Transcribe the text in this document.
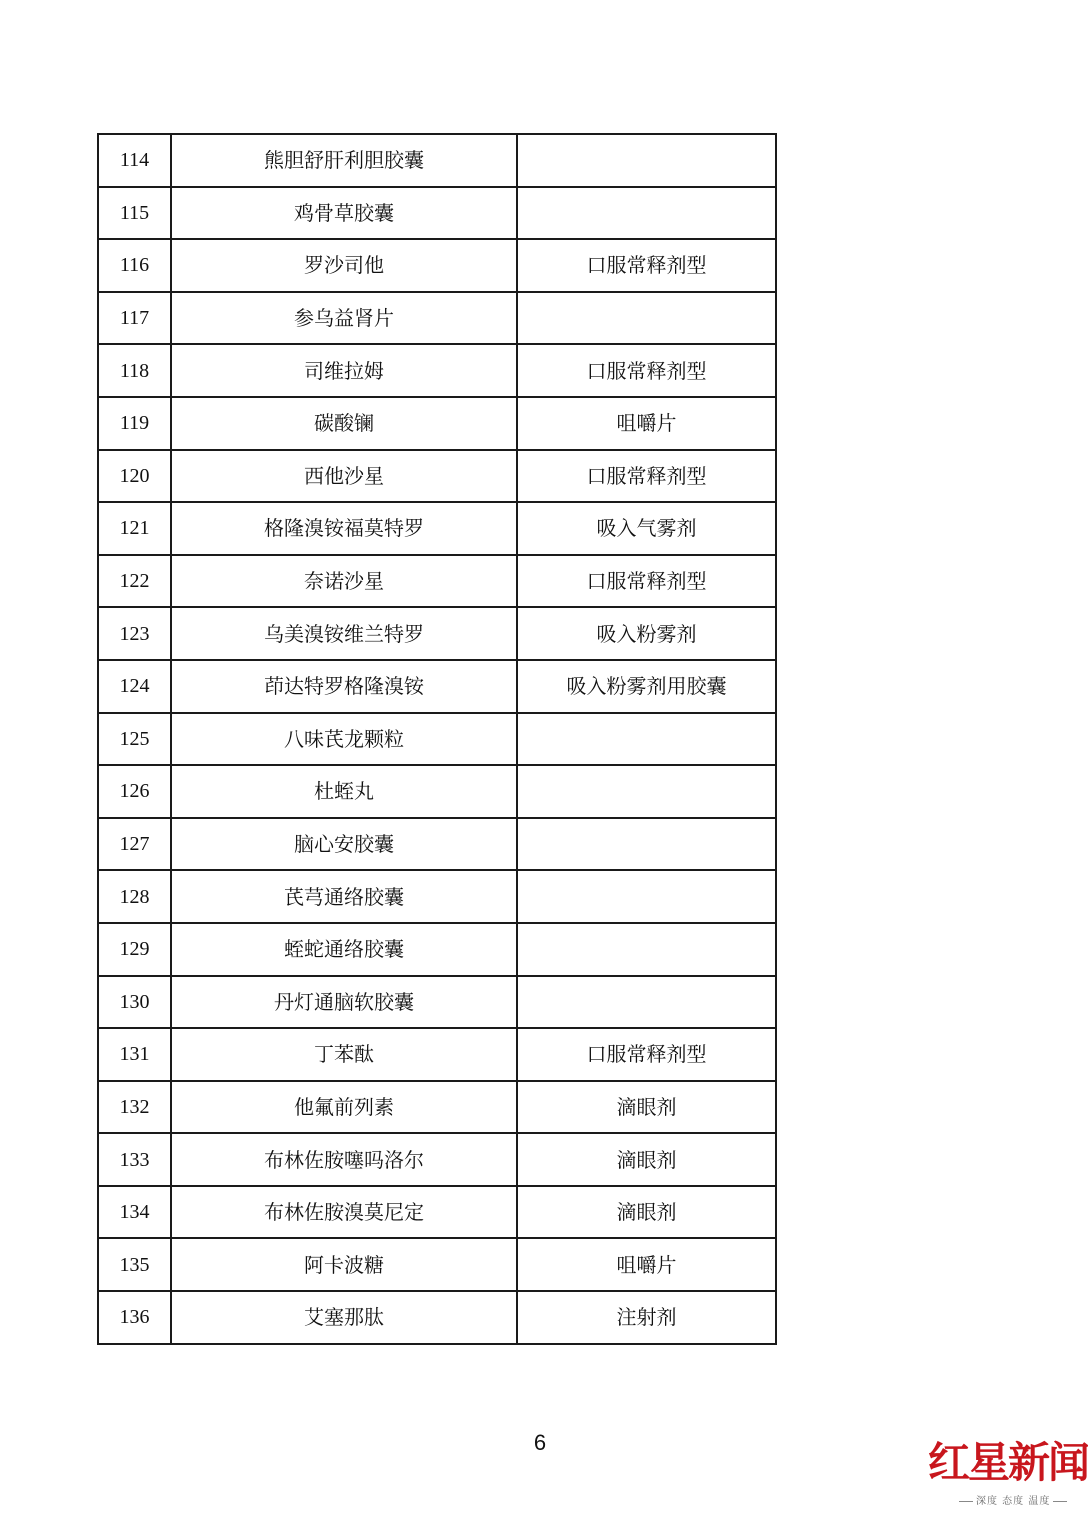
114	熊胆舒肝利胆胶囊	
115	鸡骨草胶囊	
116	罗沙司他	口服常释剂型
117	参乌益肾片	
118	司维拉姆	口服常释剂型
119	碳酸镧	咀嚼片
120	西他沙星	口服常释剂型
121	格隆溴铵福莫特罗	吸入气雾剂
122	奈诺沙星	口服常释剂型
123	乌美溴铵维兰特罗	吸入粉雾剂
124	茚达特罗格隆溴铵	吸入粉雾剂用胶囊
125	八味芪龙颗粒	
126	杜蛭丸	
127	脑心安胶囊	
128	芪芎通络胶囊	
129	蛭蛇通络胶囊	
130	丹灯通脑软胶囊	
131	丁苯酞	口服常释剂型
132	他氟前列素	滴眼剂
133	布林佐胺噻吗洛尔	滴眼剂
134	布林佐胺溴莫尼定	滴眼剂
135	阿卡波糖	咀嚼片
136	艾塞那肽	注射剂
6	红星新闻
深度 态度 温度
